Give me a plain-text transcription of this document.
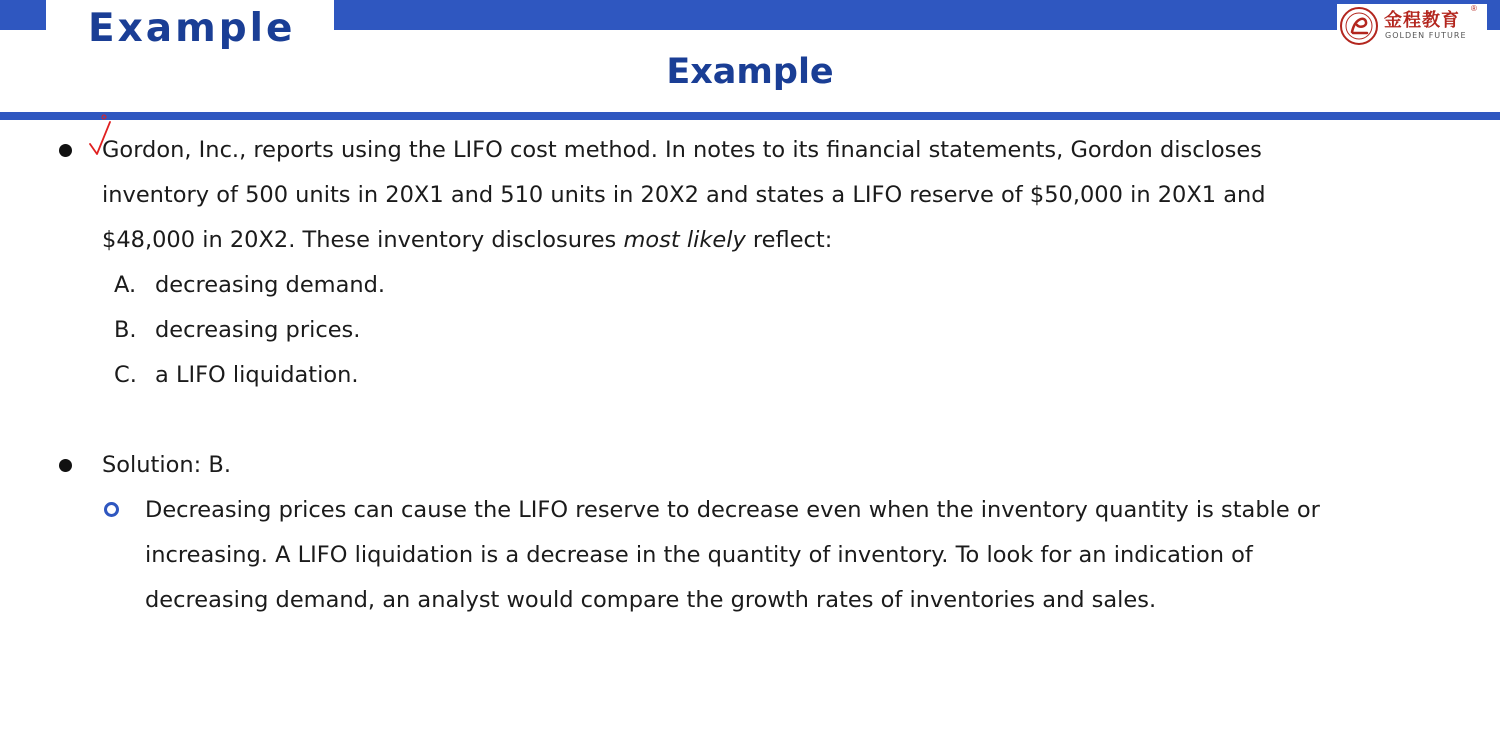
Example	金程教育
®
GOLDEN FUTURE
Example
Gordon, Inc., reports using the LIFO cost method. In notes to its financial statements, Gordon discloses
inventory of 500 units in 20X1 and 510 units in 20X2 and states a LIFO reserve of $50,000 in 20X1 and
$48,000 in 20X2. These inventory disclosures most likely reflect:
A. decreasing demand.
B. decreasing prices.
C. a LIFO liquidation.
Solution: B.
Decreasing prices can cause the LIFO reserve to decrease even when the inventory quantity is stable or
increasing. A LIFO liquidation is a decrease in the quantity of inventory. To look for an indication of
decreasing demand, an analyst would compare the growth rates of inventories and sales.
